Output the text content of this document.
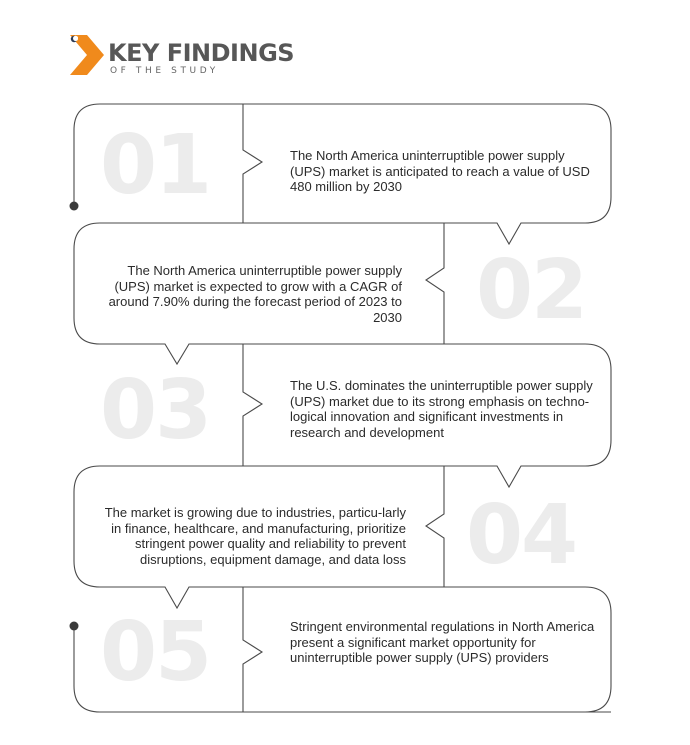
KEY FINDINGS
OF THE STUDY
01	The North America uninterruptible power supply (UPS) market is anticipated to reach a value of USD 480 million by 2030
02
The North America uninterruptible power supply (UPS) market is expected to grow with a CAGR of around 7.90% during the forecast period of 2023 to 2030
03	The U.S. dominates the uninterruptible power supply (UPS) market due to its strong emphasis on techno-logical innovation and significant investments in research and development
04
The market is growing due to industries, particu-larly in finance, healthcare, and manufacturing, prioritize stringent power quality and reliability to prevent disruptions, equipment damage, and data loss
05	Stringent environmental regulations in North America present a significant market opportunity for uninterruptible power supply (UPS) providers
